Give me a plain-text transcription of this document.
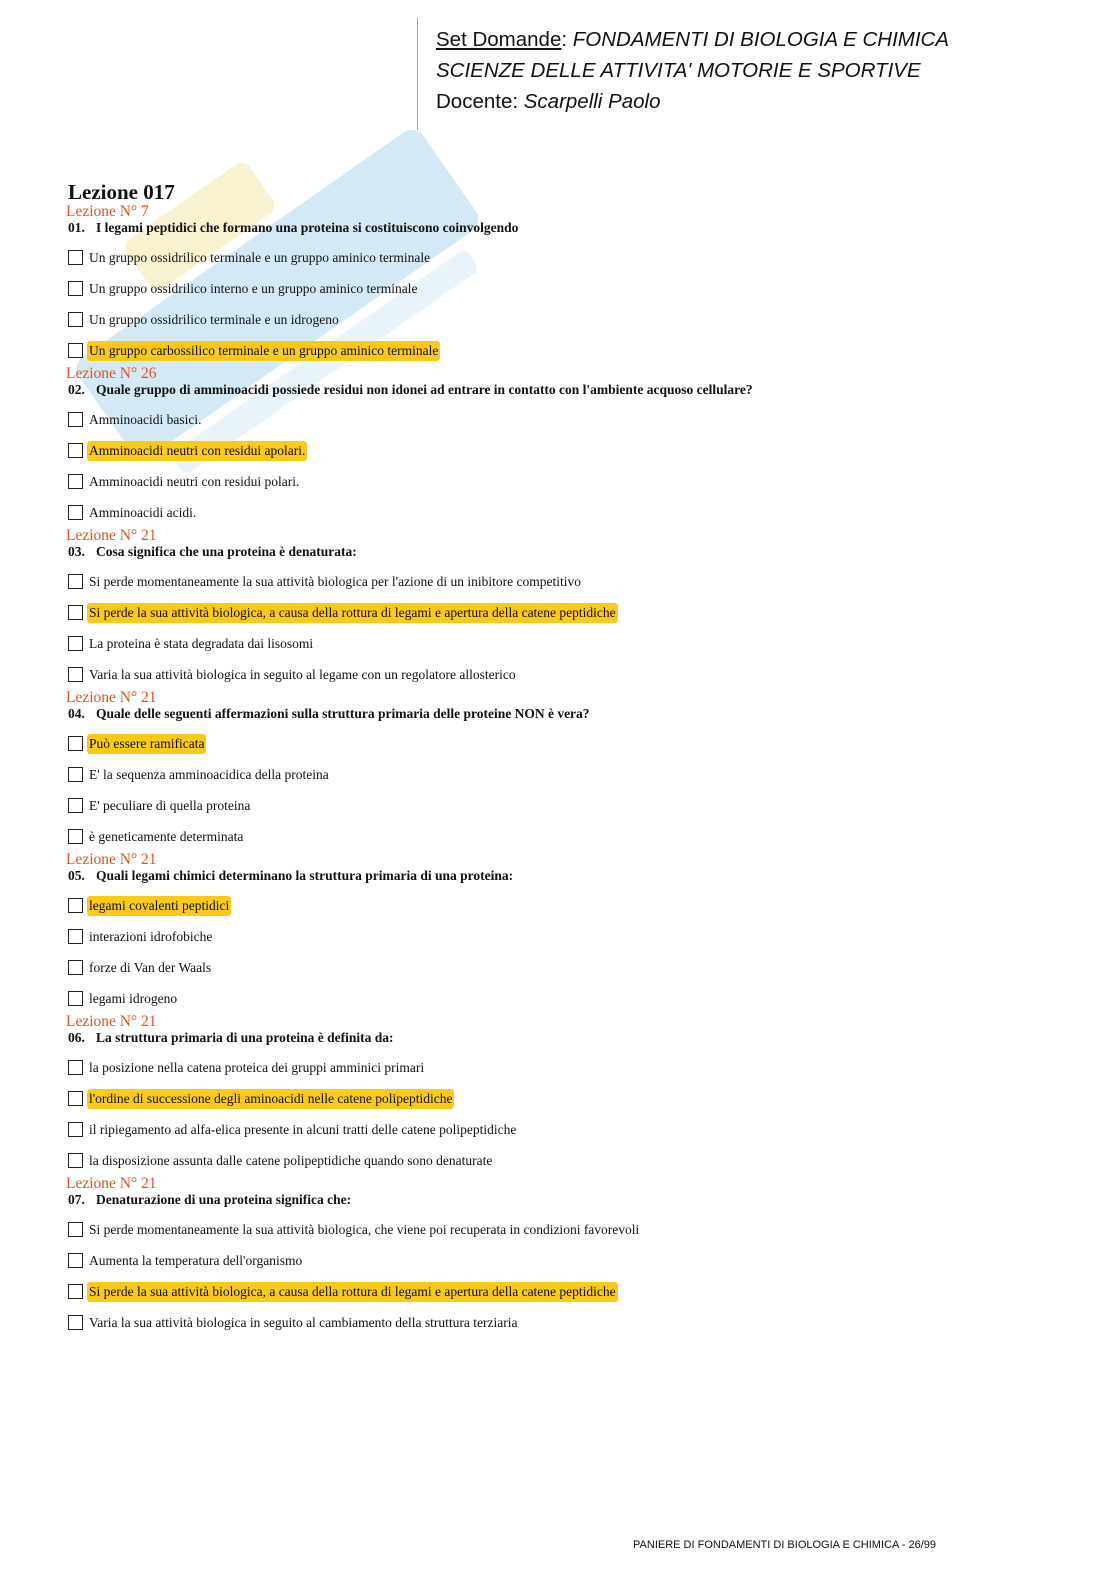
Set Domande: FONDAMENTI DI BIOLOGIA E CHIMICA
SCIENZE DELLE ATTIVITA' MOTORIE E SPORTIVE
Docente: Scarpelli Paolo
Lezione 017
Lezione N° 7
01. I legami peptidici che formano una proteina si costituiscono coinvolgendo
Un gruppo ossidrilico terminale e un gruppo aminico terminale
Un gruppo ossidrilico interno e un gruppo aminico terminale
Un gruppo ossidrilico terminale e un idrogeno
Un gruppo carbossilico terminale e un gruppo aminico terminale
Lezione N° 26
02. Quale gruppo di amminoacidi possiede residui non idonei ad entrare in contatto con l'ambiente acquoso cellulare?
Amminoacidi basici.
Amminoacidi neutri con residui apolari.
Amminoacidi neutri con residui polari.
Amminoacidi acidi.
Lezione N° 21
03. Cosa significa che una proteina è denaturata:
Si perde momentaneamente la sua attività biologica per l'azione di un inibitore competitivo
Si perde la sua attività biologica, a causa della rottura di legami e apertura della catene peptidiche
La proteina è stata degradata dai lisosomi
Varia la sua attività biologica in seguito al legame con un regolatore allosterico
Lezione N° 21
04. Quale delle seguenti affermazioni sulla struttura primaria delle proteine NON è vera?
Può essere ramificata
E' la sequenza amminoacidica della proteina
E' peculiare di quella proteina
è geneticamente determinata
Lezione N° 21
05. Quali legami chimici determinano la struttura primaria di una proteina:
legami covalenti peptidici
interazioni idrofobiche
forze di Van der Waals
legami idrogeno
Lezione N° 21
06. La struttura primaria di una proteina è definita da:
la posizione nella catena proteica dei gruppi amminici primari
l'ordine di successione degli aminoacidi nelle catene polipeptidiche
il ripiegamento ad alfa-elica presente in alcuni tratti delle catene polipeptidiche
la disposizione assunta dalle catene polipeptidiche quando sono denaturate
Lezione N° 21
07. Denaturazione di una proteina significa che:
Si perde momentaneamente la sua attività biologica, che viene poi recuperata in condizioni favorevoli
Aumenta la temperatura dell'organismo
Si perde la sua attività biologica, a causa della rottura di legami e apertura della catene peptidiche
Varia la sua attività biologica in seguito al cambiamento della struttura terziaria
PANIERE DI FONDAMENTI DI BIOLOGIA E CHIMICA - 26/99
